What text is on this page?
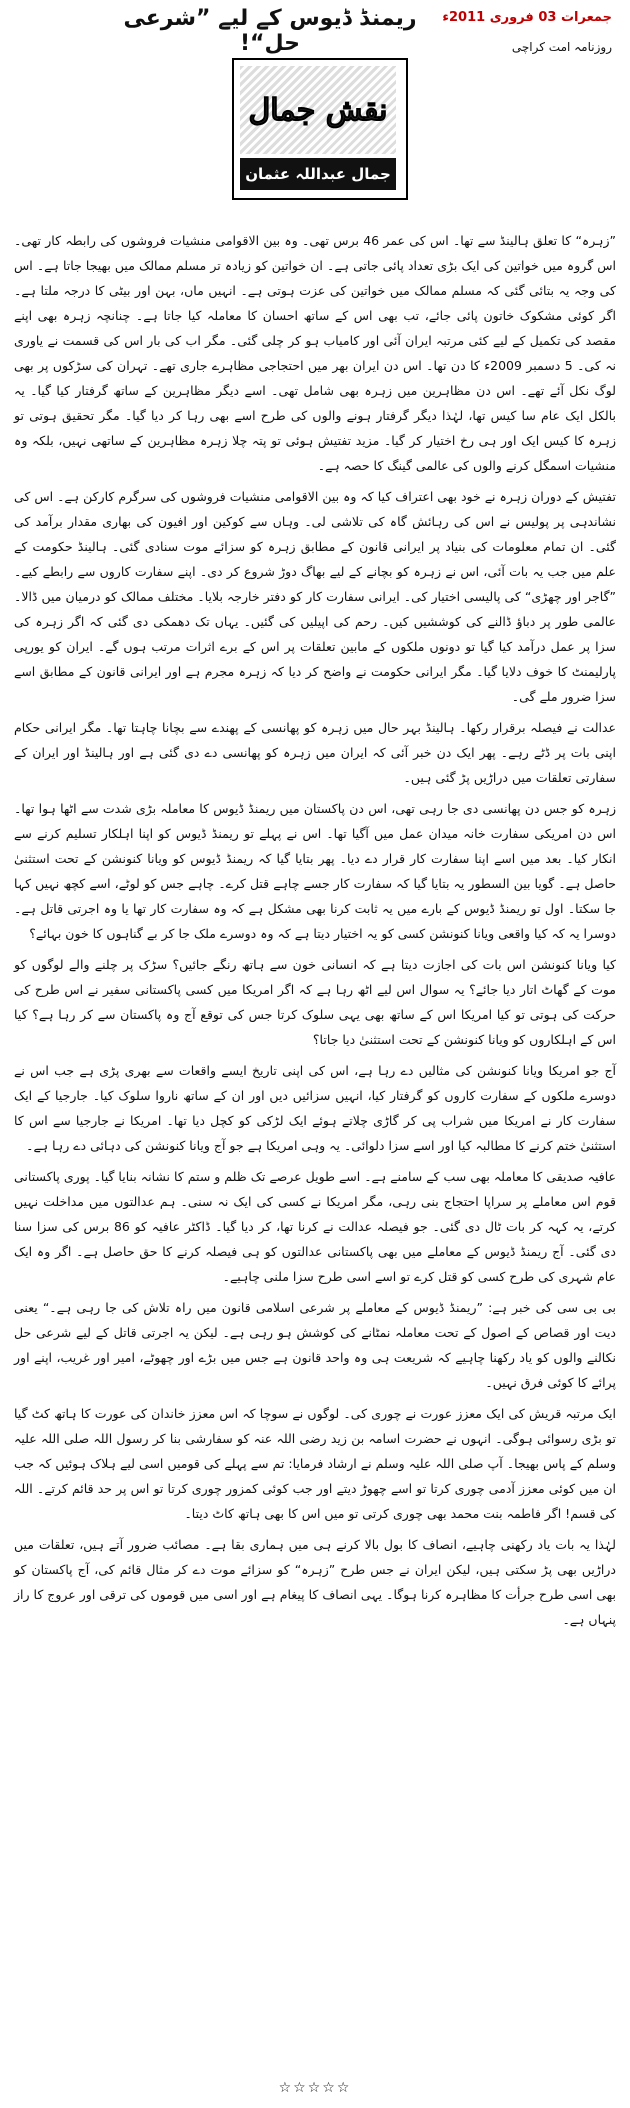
جمعرات 03 فروری 2011ء
ریمنڈ ڈیوس کے لیے ”شرعی حل“!	روزنامہ امت کراچی
نقش جمال
جمال عبداللہ عثمان

”زہرہ“ کا تعلق ہالینڈ سے تھا۔ اس کی عمر 46 برس تھی۔ وہ بین الاقوامی منشیات فروشوں کی رابطہ کار تھی۔ اس گروہ میں خواتین کی ایک بڑی تعداد پائی جاتی ہے۔ ان خواتین کو زیادہ تر مسلم ممالک میں بھیجا جاتا ہے۔ اس کی وجہ یہ بتائی گئی کہ مسلم ممالک میں خواتین کی عزت ہوتی ہے۔ انہیں ماں، بہن اور بیٹی کا درجہ ملتا ہے۔ اگر کوئی مشکوک خاتون پائی جائے، تب بھی اس کے ساتھ احسان کا معاملہ کیا جاتا ہے۔ چنانچہ زہرہ بھی اپنے مقصد کی تکمیل کے لیے کئی مرتبہ ایران آئی اور کامیاب ہو کر چلی گئی۔ مگر اب کی بار اس کی قسمت نے یاوری نہ کی۔ 5 دسمبر 2009ء کا دن تھا۔ اس دن ایران بھر میں احتجاجی مظاہرے جاری تھے۔ تہران کی سڑکوں پر بھی لوگ نکل آئے تھے۔ اس دن مظاہرین میں زہرہ بھی شامل تھی۔ اسے دیگر مظاہرین کے ساتھ گرفتار کیا گیا۔ یہ بالکل ایک عام سا کیس تھا، لہٰذا دیگر گرفتار ہونے والوں کی طرح اسے بھی رہا کر دیا گیا۔ مگر تحقیق ہوتی تو زہرہ کا کیس ایک اور ہی رخ اختیار کر گیا۔ مزید تفتیش ہوئی تو پتہ چلا زہرہ مظاہرین کے ساتھی نہیں، بلکہ وہ منشیات اسمگل کرنے والوں کی عالمی گینگ کا حصہ ہے۔

تفتیش کے دوران زہرہ نے خود بھی اعتراف کیا کہ وہ بین الاقوامی منشیات فروشوں کی سرگرم کارکن ہے۔ اس کی نشاندہی پر پولیس نے اس کی رہائش گاہ کی تلاشی لی۔ وہاں سے کوکین اور افیون کی بھاری مقدار برآمد کی گئی۔ ان تمام معلومات کی بنیاد پر ایرانی قانون کے مطابق زہرہ کو سزائے موت سنادی گئی۔ ہالینڈ حکومت کے علم میں جب یہ بات آئی، اس نے زہرہ کو بچانے کے لیے بھاگ دوڑ شروع کر دی۔ اپنے سفارت کاروں سے رابطے کیے۔ ”گاجر اور چھڑی“ کی پالیسی اختیار کی۔ ایرانی سفارت کار کو دفتر خارجہ بلایا۔ مختلف ممالک کو درمیان میں ڈالا۔ عالمی طور پر دباؤ ڈالنے کی کوششیں کیں۔ رحم کی اپیلیں کی گئیں۔ یہاں تک دھمکی دی گئی کہ اگر زہرہ کی سزا پر عمل درآمد کیا گیا تو دونوں ملکوں کے مابین تعلقات پر اس کے برے اثرات مرتب ہوں گے۔ ایران کو یورپی پارلیمنٹ کا خوف دلایا گیا۔ مگر ایرانی حکومت نے واضح کر دیا کہ زہرہ مجرم ہے اور ایرانی قانون کے مطابق اسے سزا ضرور ملے گی۔

عدالت نے فیصلہ برقرار رکھا۔ ہالینڈ بہر حال میں زہرہ کو پھانسی کے پھندے سے بچانا چاہتا تھا۔ مگر ایرانی حکام اپنی بات پر ڈٹے رہے۔ پھر ایک دن خبر آئی کہ ایران میں زہرہ کو پھانسی دے دی گئی ہے اور ہالینڈ اور ایران کے سفارتی تعلقات میں دراڑیں پڑ گئی ہیں۔

زہرہ کو جس دن پھانسی دی جا رہی تھی، اس دن پاکستان میں ریمنڈ ڈیوس کا معاملہ بڑی شدت سے اٹھا ہوا تھا۔ اس دن امریکی سفارت خانہ میدان عمل میں آگیا تھا۔ اس نے پہلے تو ریمنڈ ڈیوس کو اپنا اہلکار تسلیم کرنے سے انکار کیا۔ بعد میں اسے اپنا سفارت کار قرار دے دیا۔ پھر بتایا گیا کہ ریمنڈ ڈیوس کو ویانا کنونشن کے تحت استثنیٰ حاصل ہے۔ گویا بین السطور یہ بتایا گیا کہ سفارت کار جسے چاہے قتل کرے۔ چاہے جس کو لوٹے، اسے کچھ نہیں کہا جا سکتا۔ اول تو ریمنڈ ڈیوس کے بارے میں یہ ثابت کرنا بھی مشکل ہے کہ وہ سفارت کار تھا یا وہ اجرتی قاتل ہے۔ دوسرا یہ کہ کیا واقعی ویانا کنونشن کسی کو یہ اختیار دیتا ہے کہ وہ دوسرے ملک جا کر بے گناہوں کا خون بہائے؟

کیا ویانا کنونشن اس بات کی اجازت دیتا ہے کہ انسانی خون سے ہاتھ رنگے جائیں؟ سڑک پر چلنے والے لوگوں کو موت کے گھاٹ اتار دیا جائے؟ یہ سوال اس لیے اٹھ رہا ہے کہ اگر امریکا میں کسی پاکستانی سفیر نے اس طرح کی حرکت کی ہوتی تو کیا امریکا اس کے ساتھ بھی یہی سلوک کرتا جس کی توقع آج وہ پاکستان سے کر رہا ہے؟ کیا اس کے اہلکاروں کو ویانا کنونشن کے تحت استثنیٰ دیا جاتا؟

آج جو امریکا ویانا کنونشن کی مثالیں دے رہا ہے، اس کی اپنی تاریخ ایسے واقعات سے بھری پڑی ہے جب اس نے دوسرے ملکوں کے سفارت کاروں کو گرفتار کیا، انہیں سزائیں دیں اور ان کے ساتھ ناروا سلوک کیا۔ جارجیا کے ایک سفارت کار نے امریکا میں شراب پی کر گاڑی چلاتے ہوئے ایک لڑکی کو کچل دیا تھا۔ امریکا نے جارجیا سے اس کا استثنیٰ ختم کرنے کا مطالبہ کیا اور اسے سزا دلوائی۔ یہ وہی امریکا ہے جو آج ویانا کنونشن کی دہائی دے رہا ہے۔

عافیہ صدیقی کا معاملہ بھی سب کے سامنے ہے۔ اسے طویل عرصے تک ظلم و ستم کا نشانہ بنایا گیا۔ پوری پاکستانی قوم اس معاملے پر سراپا احتجاج بنی رہی، مگر امریکا نے کسی کی ایک نہ سنی۔ ہم عدالتوں میں مداخلت نہیں کرتے، یہ کہہ کر بات ٹال دی گئی۔ جو فیصلہ عدالت نے کرنا تھا، کر دیا گیا۔ ڈاکٹر عافیہ کو 86 برس کی سزا سنا دی گئی۔ آج ریمنڈ ڈیوس کے معاملے میں بھی پاکستانی عدالتوں کو ہی فیصلہ کرنے کا حق حاصل ہے۔ اگر وہ ایک عام شہری کی طرح کسی کو قتل کرے تو اسے اسی طرح سزا ملنی چاہیے۔

بی بی سی کی خبر ہے: ”ریمنڈ ڈیوس کے معاملے پر شرعی اسلامی قانون میں راہ تلاش کی جا رہی ہے۔“ یعنی دیت اور قصاص کے اصول کے تحت معاملہ نمٹانے کی کوشش ہو رہی ہے۔ لیکن یہ اجرتی قاتل کے لیے شرعی حل نکالنے والوں کو یاد رکھنا چاہیے کہ شریعت ہی وہ واحد قانون ہے جس میں بڑے اور چھوٹے، امیر اور غریب، اپنے اور پرائے کا کوئی فرق نہیں۔

ایک مرتبہ قریش کی ایک معزز عورت نے چوری کی۔ لوگوں نے سوچا کہ اس معزز خاندان کی عورت کا ہاتھ کٹ گیا تو بڑی رسوائی ہوگی۔ انہوں نے حضرت اسامہ بن زید رضی اللہ عنہ کو سفارشی بنا کر رسول اللہ صلی اللہ علیہ وسلم کے پاس بھیجا۔ آپ صلی اللہ علیہ وسلم نے ارشاد فرمایا: تم سے پہلے کی قومیں اسی لیے ہلاک ہوئیں کہ جب ان میں کوئی معزز آدمی چوری کرتا تو اسے چھوڑ دیتے اور جب کوئی کمزور چوری کرتا تو اس پر حد قائم کرتے۔ اللہ کی قسم! اگر فاطمہ بنت محمد بھی چوری کرتی تو میں اس کا بھی ہاتھ کاٹ دیتا۔

لہٰذا یہ بات یاد رکھنی چاہیے، انصاف کا بول بالا کرنے ہی میں ہماری بقا ہے۔ مصائب ضرور آتے ہیں، تعلقات میں دراڑیں بھی پڑ سکتی ہیں، لیکن ایران نے جس طرح ”زہرہ“ کو سزائے موت دے کر مثال قائم کی، آج پاکستان کو بھی اسی طرح جرأت کا مظاہرہ کرنا ہوگا۔ یہی انصاف کا پیغام ہے اور اسی میں قوموں کی ترقی اور عروج کا راز پنہاں ہے۔

☆☆☆☆☆
